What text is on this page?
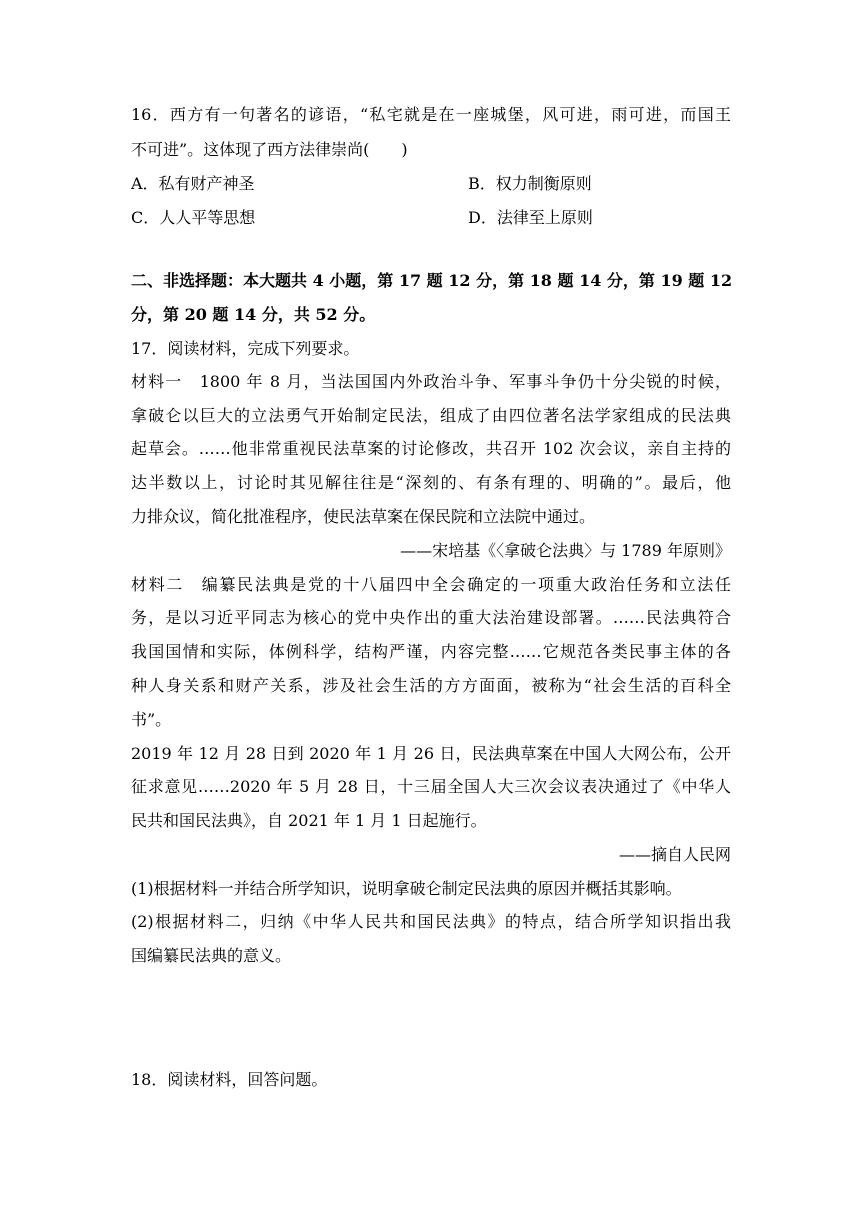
16．西方有一句著名的谚语，“私宅就是在一座城堡，风可进，雨可进，而国王
不可进”。这体现了西方法律崇尚(　　)
A．私有财产神圣	B．权力制衡原则
C．人人平等思想	D．法律至上原则
二、非选择题：本大题共 4 小题，第 17 题 12 分，第 18 题 14 分，第 19 题 12
分，第 20 题 14 分，共 52 分。
17．阅读材料，完成下列要求。
材料一　1800 年 8 月，当法国国内外政治斗争、军事斗争仍十分尖锐的时候，
拿破仑以巨大的立法勇气开始制定民法，组成了由四位著名法学家组成的民法典
起草会。……他非常重视民法草案的讨论修改，共召开 102 次会议，亲自主持的
达半数以上，讨论时其见解往往是“深刻的、有条有理的、明确的”。最后，他
力排众议，简化批准程序，使民法草案在保民院和立法院中通过。
——宋培基《〈拿破仑法典〉与 1789 年原则》
材料二　编纂民法典是党的十八届四中全会确定的一项重大政治任务和立法任
务，是以习近平同志为核心的党中央作出的重大法治建设部署。……民法典符合
我国国情和实际，体例科学，结构严谨，内容完整……它规范各类民事主体的各
种人身关系和财产关系，涉及社会生活的方方面面，被称为“社会生活的百科全
书”。
2019 年 12 月 28 日到 2020 年 1 月 26 日，民法典草案在中国人大网公布，公开
征求意见……2020 年 5 月 28 日，十三届全国人大三次会议表决通过了《中华人
民共和国民法典》，自 2021 年 1 月 1 日起施行。
——摘自人民网
(1)根据材料一并结合所学知识，说明拿破仑制定民法典的原因并概括其影响。
(2)根据材料二，归纳《中华人民共和国民法典》的特点，结合所学知识指出我
国编纂民法典的意义。
18．阅读材料，回答问题。
